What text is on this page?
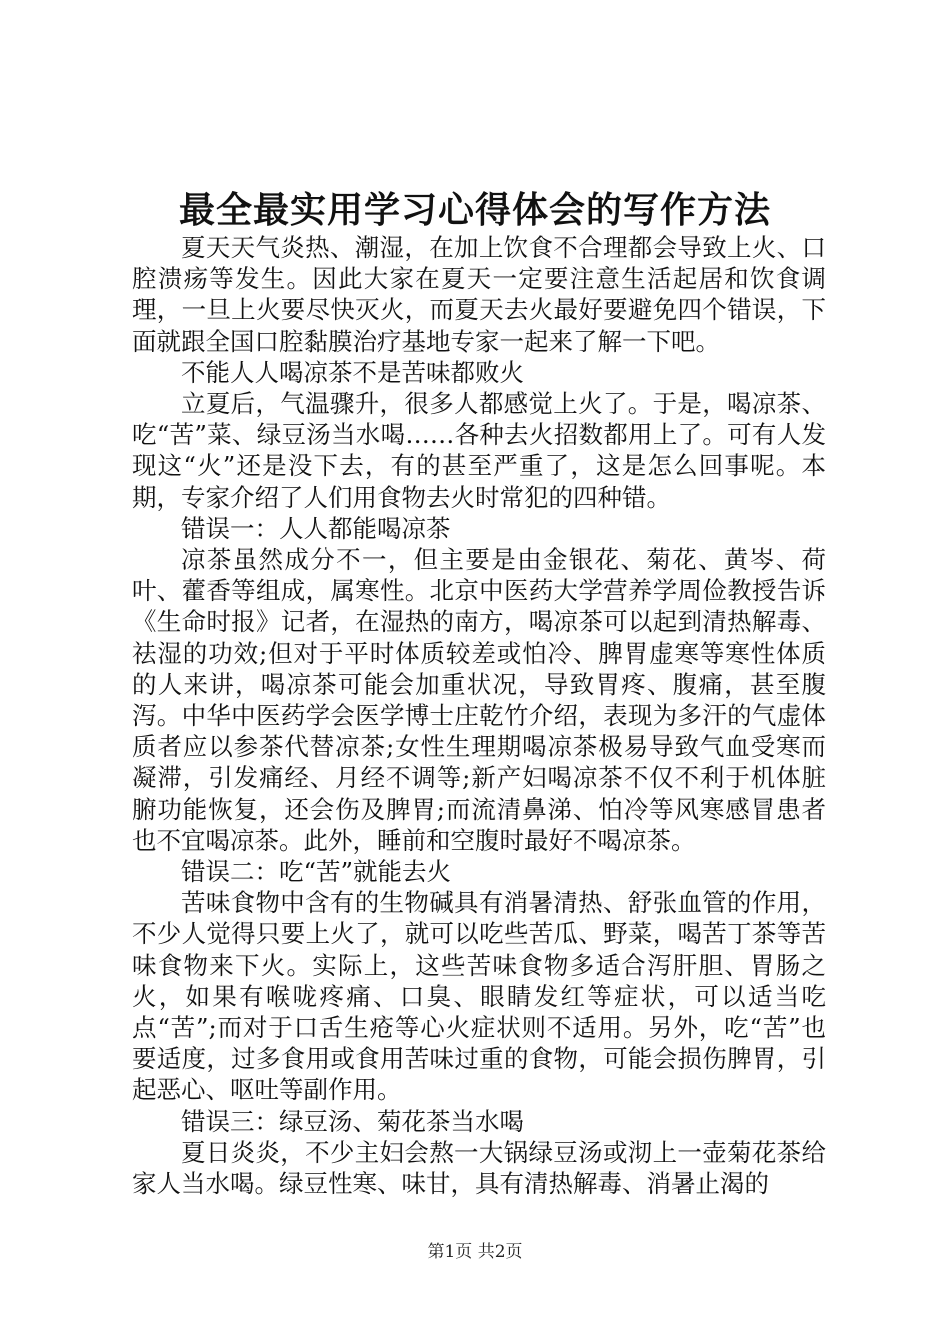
最全最实用学习心得体会的写作方法

夏天天气炎热、潮湿，在加上饮食不合理都会导致上火、口腔溃疡等发生。因此大家在夏天一定要注意生活起居和饮食调理，一旦上火要尽快灭火，而夏天去火最好要避免四个错误，下面就跟全国口腔黏膜治疗基地专家一起来了解一下吧。

不能人人喝凉茶不是苦味都败火

立夏后，气温骤升，很多人都感觉上火了。于是，喝凉茶、吃“苦”菜、绿豆汤当水喝……各种去火招数都用上了。可有人发现这“火”还是没下去，有的甚至严重了，这是怎么回事呢。本期，专家介绍了人们用食物去火时常犯的四种错。

错误一：人人都能喝凉茶

凉茶虽然成分不一，但主要是由金银花、菊花、黄岑、荷叶、藿香等组成，属寒性。北京中医药大学营养学周俭教授告诉《生命时报》记者，在湿热的南方，喝凉茶可以起到清热解毒、祛湿的功效;但对于平时体质较差或怕冷、脾胃虚寒等寒性体质的人来讲，喝凉茶可能会加重状况，导致胃疼、腹痛，甚至腹泻。中华中医药学会医学博士庄乾竹介绍，表现为多汗的气虚体质者应以参茶代替凉茶;女性生理期喝凉茶极易导致气血受寒而凝滞，引发痛经、月经不调等;新产妇喝凉茶不仅不利于机体脏腑功能恢复，还会伤及脾胃;而流清鼻涕、怕冷等风寒感冒患者也不宜喝凉茶。此外，睡前和空腹时最好不喝凉茶。

错误二：吃“苦”就能去火

苦味食物中含有的生物碱具有消暑清热、舒张血管的作用，不少人觉得只要上火了，就可以吃些苦瓜、野菜，喝苦丁茶等苦味食物来下火。实际上，这些苦味食物多适合泻肝胆、胃肠之火，如果有喉咙疼痛、口臭、眼睛发红等症状，可以适当吃点“苦”;而对于口舌生疮等心火症状则不适用。另外，吃“苦”也要适度，过多食用或食用苦味过重的食物，可能会损伤脾胃，引起恶心、呕吐等副作用。

错误三：绿豆汤、菊花茶当水喝

夏日炎炎，不少主妇会熬一大锅绿豆汤或沏上一壶菊花茶给家人当水喝。绿豆性寒、味甘，具有清热解毒、消暑止渴的

第1页 共2页
